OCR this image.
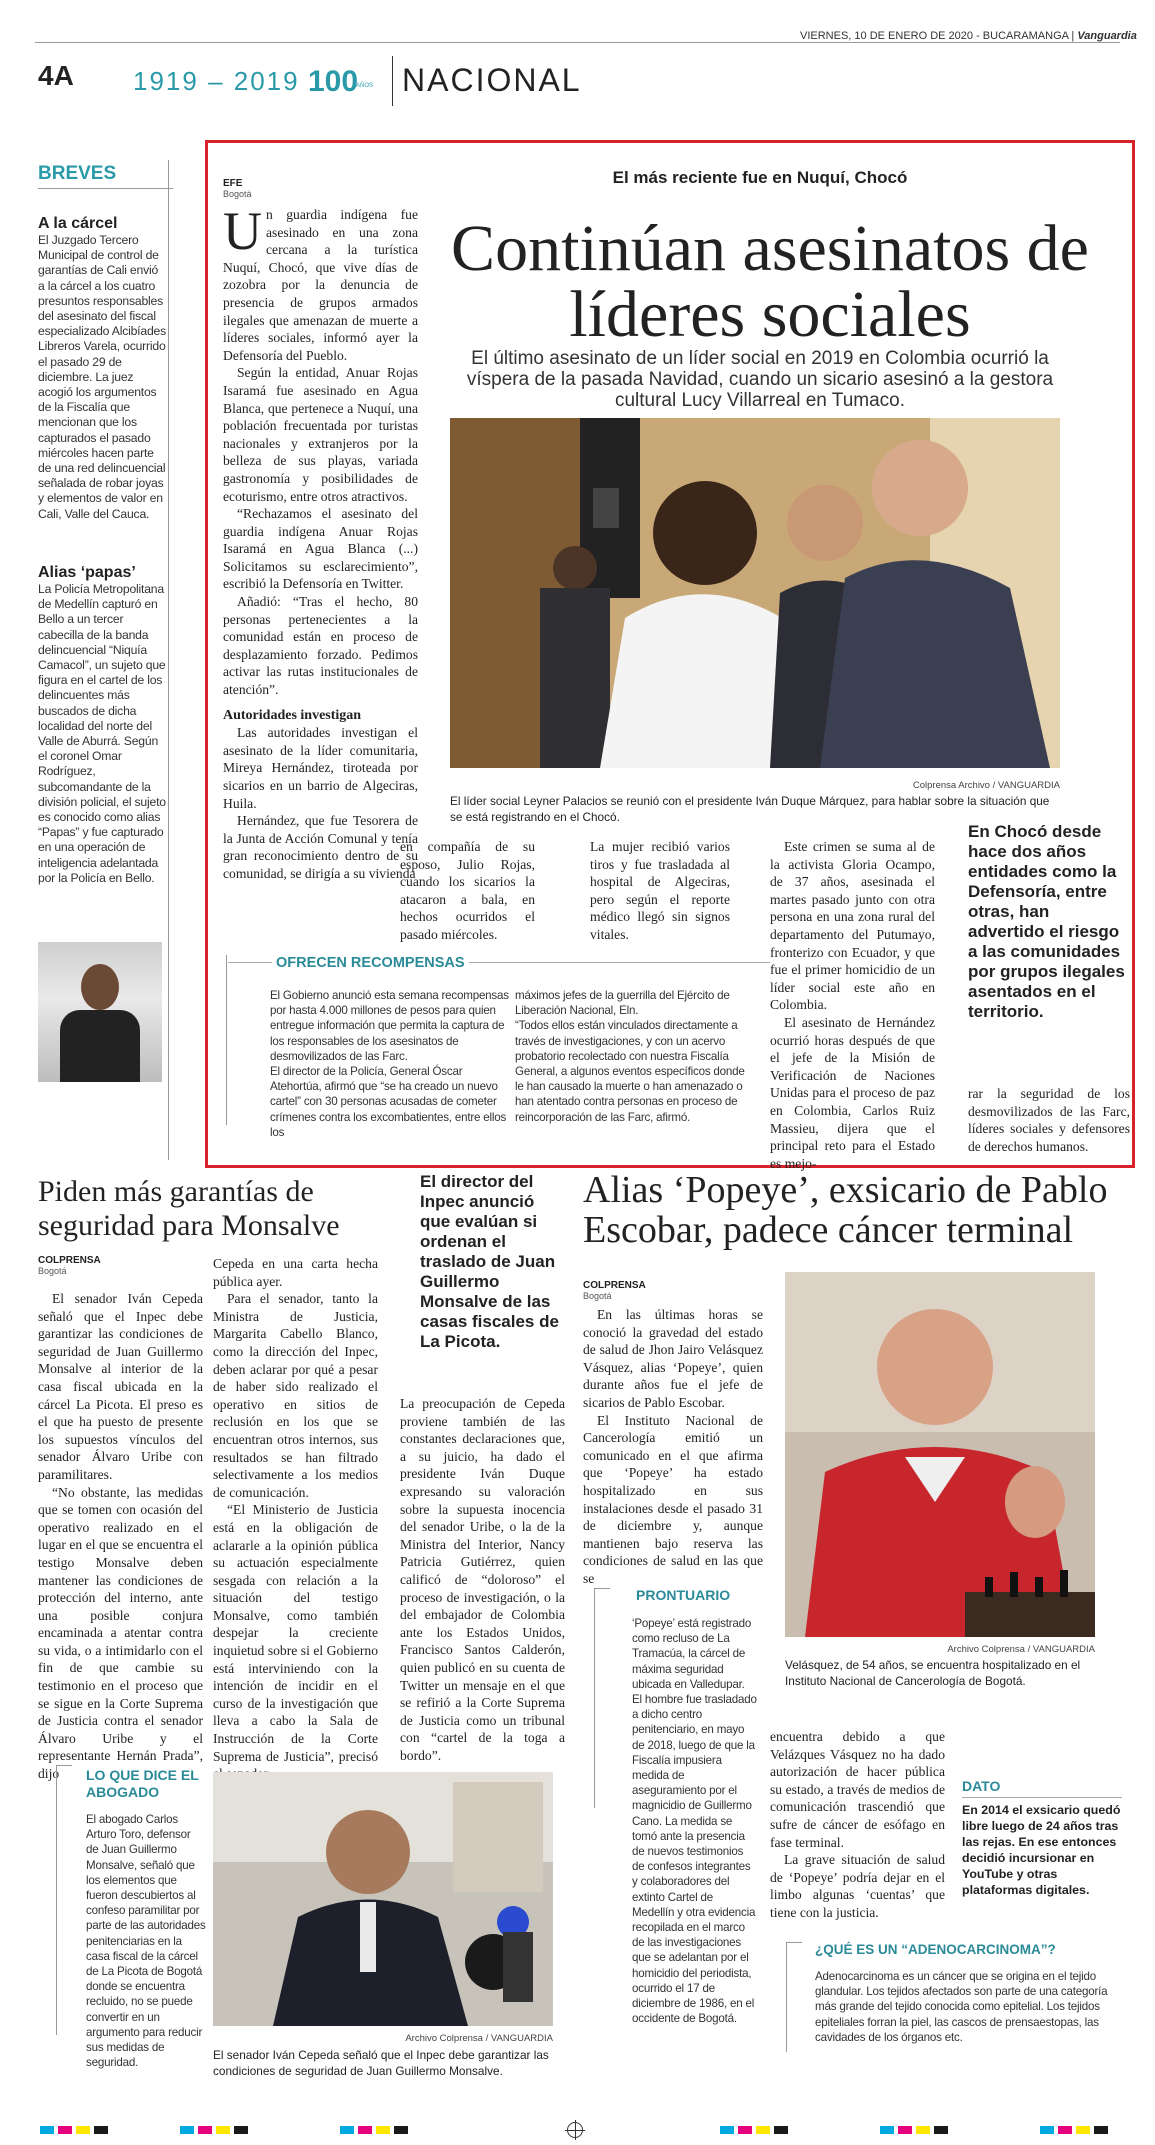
VIERNES, 10 DE ENERO DE 2020 - BUCARAMANGA | Vanguardia
4A 1919 – 2019 100
AÑOS NACIONAL
BREVES
A la cárcel

El Juzgado Tercero Municipal de control de garantías de Cali envió a la cárcel a los cuatro presuntos responsables del asesinato del fiscal especializado Alcibíades Libreros Varela, ocurrido el pasado 29 de diciembre. La juez acogió los argumentos de la Fiscalía que mencionan que los capturados el pasado miércoles hacen parte de una red delincuencial señalada de robar joyas y elementos de valor en Cali, Valle del Cauca.

Alias ‘papas’

La Policía Metropolitana de Medellín capturó en Bello a un tercer cabecilla de la banda delincuencial “Niquía Camacol”, un sujeto que figura en el cartel de los delincuentes más buscados de dicha localidad del norte del Valle de Aburrá. Según el coronel Omar Rodríguez, subcomandante de la división policial, el sujeto es conocido como alias “Papas” y fue capturado en una operación de inteligencia adelantada por la Policía en Bello.

EFE
Bogotá
El más reciente fue en Nuquí, Chocó
Continúan asesinatos de líderes sociales
El último asesinato de un líder social en 2019 en Colombia ocurrió la víspera de la pasada Navidad, cuando un sicario asesinó a la gestora cultural Lucy Villarreal en Tumaco.

Un guardia indígena fue asesinado en una zona cercana a la turística Nuquí, Chocó, que vive días de zozobra por la denuncia de presencia de grupos armados ilegales que amenazan de muerte a líderes sociales, informó ayer la Defensoría del Pueblo.

Según la entidad, Anuar Rojas Isaramá fue asesinado en Agua Blanca, que pertenece a Nuquí, una población frecuentada por turistas nacionales y extranjeros por la belleza de sus playas, variada gastronomía y posibilidades de ecoturismo, entre otros atractivos.

“Rechazamos el asesinato del guardia indígena Anuar Rojas Isaramá en Agua Blanca (...) Solicitamos su esclarecimiento”, escribió la Defensoría en Twitter.

Añadió: “Tras el hecho, 80 personas pertenecientes a la comunidad están en proceso de desplazamiento forzado. Pedimos activar las rutas institucionales de atención”.

Autoridades investigan

Las autoridades investigan el asesinato de la líder comunitaria, Mireya Hernández, tiroteada por sicarios en un barrio de Algeciras, Huila.

Hernández, que fue Tesorera de la Junta de Acción Comunal y tenía gran reconocimiento dentro de su comunidad, se dirigía a su vivienda

Colprensa Archivo / VANGUARDIA
El líder social Leyner Palacios se reunió con el presidente Iván Duque Márquez, para hablar sobre la situación que se está registrando en el Chocó.
en compañía de su esposo, Julio Rojas, cuando los sicarios la atacaron a bala, en hechos ocurridos el pasado miércoles.
La mujer recibió varios tiros y fue trasladada al hospital de Algeciras, pero según el reporte médico llegó sin signos vitales.

Este crimen se suma al de la activista Gloria Ocampo, de 37 años, asesinada el martes pasado junto con otra persona en una zona rural del departamento del Putumayo, fronterizo con Ecuador, y que fue el primer homicidio de un líder social este año en Colombia.

El asesinato de Hernández ocurrió horas después de que el jefe de la Misión de Verificación de Naciones Unidas para el proceso de paz en Colombia, Carlos Ruiz Massieu, dijera que el principal reto para el Estado es mejo-

En Chocó desde hace dos años entidades como la Defensoría, entre otras, han advertido el riesgo a las comunidades por grupos ilegales asentados en el territorio.
rar la seguridad de los desmovilizados de las Farc, líderes sociales y defensores de derechos humanos.
OFRECEN RECOMPENSAS

El Gobierno anunció esta semana recompensas por hasta 4.000 millones de pesos para quien entregue información que permita la captura de los responsables de los asesinatos de desmovilizados de las Farc.

El director de la Policía, General Óscar Atehortúa, afirmó que “se ha creado un nuevo cartel” con 30 personas acusadas de cometer crímenes contra los excombatientes, entre ellos los

máximos jefes de la guerrilla del Ejército de Liberación Nacional, Eln.

“Todos ellos están vinculados directamente a través de investigaciones, y con un acervo probatorio recolectado con nuestra Fiscalía General, a algunos eventos específicos donde le han causado la muerte o han amenazado o han atentado contra personas en proceso de reincorporación de las Farc, afirmó.

Piden más garantías de seguridad para Monsalve
COLPRENSA
Bogotá

El senador Iván Cepeda señaló que el Inpec debe garantizar las condiciones de seguridad de Juan Guillermo Monsalve al interior de la casa fiscal ubicada en la cárcel La Picota. El preso es el que ha puesto de presente los supuestos vínculos del senador Álvaro Uribe con paramilitares.

“No obstante, las medidas que se tomen con ocasión del operativo realizado en el lugar en el que se encuentra el testigo Monsalve deben mantener las condiciones de protección del interno, ante una posible conjura encaminada a atentar contra su vida, o a intimidarlo con el fin de que cambie su testimonio en el proceso que se sigue en la Corte Suprema de Justicia contra el senador Álvaro Uribe y el representante Hernán Prada”, dijo

Cepeda en una carta hecha pública ayer.

Para el senador, tanto la Ministra de Justicia, Margarita Cabello Blanco, como la dirección del Inpec, deben aclarar por qué a pesar de haber sido realizado el operativo en sitios de reclusión en los que se encuentran otros internos, sus resultados se han filtrado selectivamente a los medios de comunicación.

“El Ministerio de Justicia está en la obligación de aclararle a la opinión pública su actuación especialmente sesgada con relación a la situación del testigo Monsalve, como también despejar la creciente inquietud sobre si el Gobierno está interviniendo con la intención de incidir en el curso de la investigación que lleva a cabo la Sala de Instrucción de la Corte Suprema de Justicia”, precisó

El director del Inpec anunció que evalúan si ordenan el traslado de Juan Guillermo Monsalve de las casas fiscales de La Picota.
La preocupación de Cepeda proviene también de las constantes declaraciones que, a su juicio, ha dado el presidente Iván Duque expresando su valoración sobre la supuesta inocencia del senador Uribe, o la de la Ministra del Interior, Nancy Patricia Gutiérrez, quien calificó de “doloroso” el proceso de investigación, o la del embajador de Colombia ante los Estados Unidos, Francisco Santos Calderón, quien publicó en su cuenta de Twitter un mensaje en el que se refirió a la Corte Suprema de Justicia como un tribunal con “cartel de la toga a bordo”.
LO QUE DICE EL ABOGADO
El abogado Carlos Arturo Toro, defensor de Juan Guillermo Monsalve, señaló que los elementos que fueron descubiertos al confeso paramilitar por parte de las autoridades penitenciarias en la casa fiscal de la cárcel de La Picota de Bogotá donde se encuentra recluido, no se puede convertir en un argumento para reducir sus medidas de seguridad.
Archivo Colprensa / VANGUARDIA
El senador Iván Cepeda señaló que el Inpec debe garantizar las condiciones de seguridad de Juan Guillermo Monsalve.
Alias ‘Popeye’, exsicario de Pablo Escobar, padece cáncer terminal
COLPRENSA
Bogotá

En las últimas horas se conoció la gravedad del estado de salud de Jhon Jairo Velásquez Vásquez, alias ‘Popeye’, quien durante años fue el jefe de sicarios de Pablo Escobar.

El Instituto Nacional de Cancerología emitió un comunicado en el que afirma que ‘Popeye’ ha estado hospitalizado en sus instalaciones desde el pasado 31 de diciembre y, aunque mantienen bajo reserva las condiciones de salud en las que se

Archivo Colprensa / VANGUARDIA
Velásquez, de 54 años, se encuentra hospitalizado en el Instituto Nacional de Cancerología de Bogotá.
PRONTUARIO
‘Popeye’ está registrado como recluso de La Tramacúa, la cárcel de máxima seguridad ubicada en Valledupar. El hombre fue trasladado a dicho centro penitenciario, en mayo de 2018, luego de que la Fiscalía impusiera medida de aseguramiento por el magnicidio de Guillermo Cano. La medida se tomó ante la presencia de nuevos testimonios de confesos integrantes y colaboradores del extinto Cartel de Medellín y otra evidencia recopilada en el marco de las investigaciones que se adelantan por el homicidio del periodista, ocurrido el 17 de diciembre de 1986, en el occidente de Bogotá.

encuentra debido a que Velázques Vásquez no ha dado autorización de hacer pública su estado, a través de medios de comunicación trascendió que sufre de cáncer de esófago en fase terminal.

La grave situación de salud de ‘Popeye’ podría dejar en el limbo algunas ‘cuentas’ que tiene con la justicia.

DATO
En 2014 el exsicario quedó libre luego de 24 años tras las rejas. En ese entonces decidió incursionar en YouTube y otras plataformas digitales.
¿QUÉ ES UN “ADENOCARCINOMA”?
Adenocarcinoma es un cáncer que se origina en el tejido glandular. Los tejidos afectados son parte de una categoría más grande del tejido conocida como epitelial. Los tejidos epiteliales forran la piel, las cascos de prensaestopas, las cavidades de los órganos etc.
